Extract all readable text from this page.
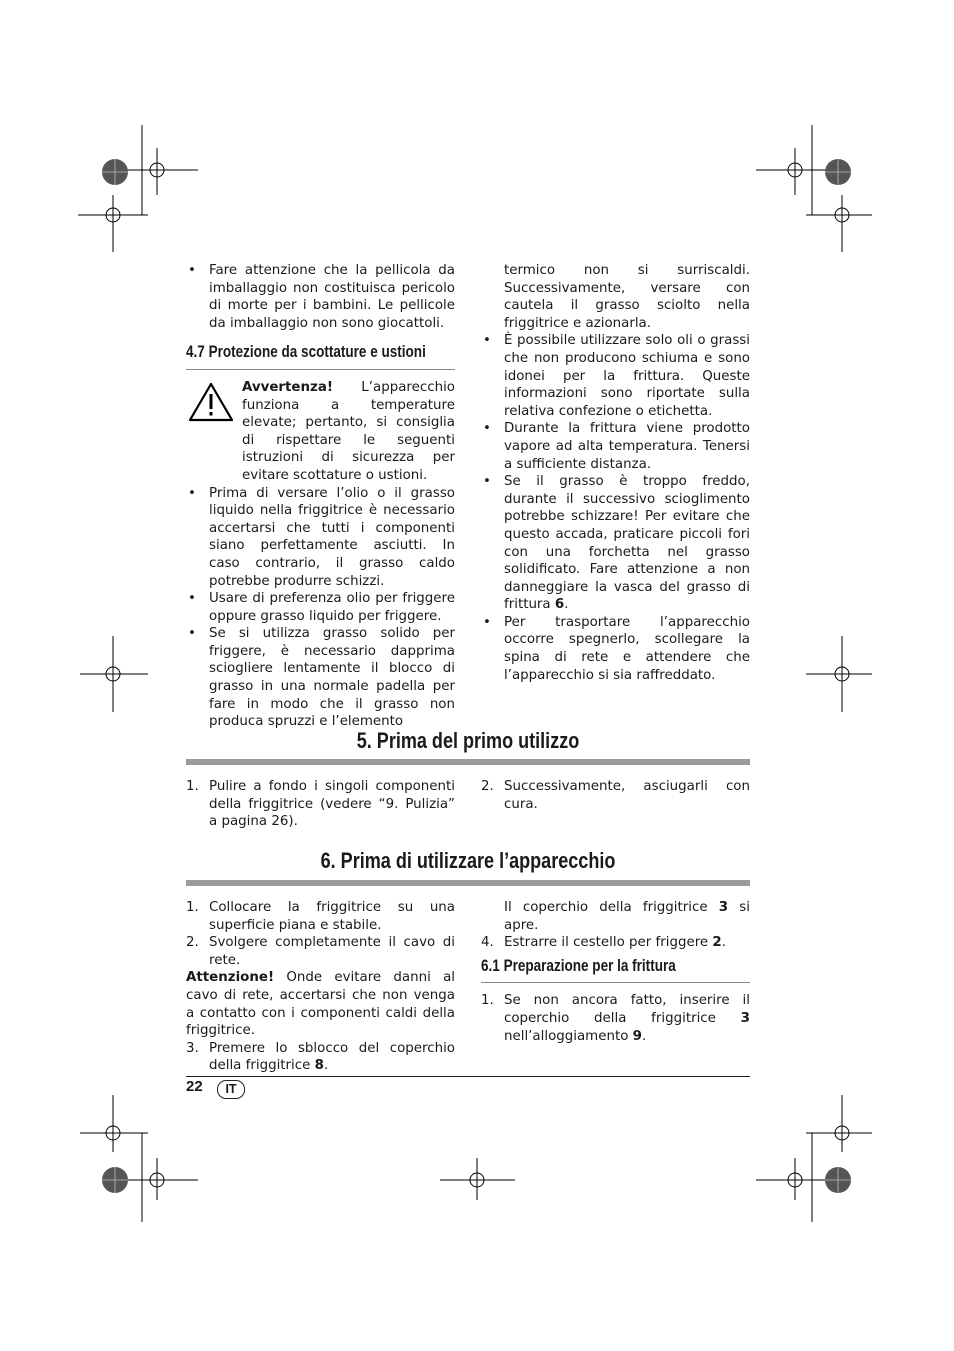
• Fare attenzione che la pellicola da imballaggio non costituisca pericolo di morte per i bambini. Le pellicole da imballaggio non sono giocattoli.

4.7 Protezione da scottature e ustioni

Avvertenza! L’apparecchio funziona a temperature elevate; pertanto, si consiglia di rispettare le seguenti istruzioni di sicurezza per evitare scottature o ustioni.

• Prima di versare l’olio o il grasso liquido nella friggitrice è necessario accertarsi che tutti i componenti siano perfettamente asciutti. In caso contrario, il grasso caldo potrebbe produrre schizzi.

• Usare di preferenza olio per friggere oppure grasso liquido per friggere.

• Se si utilizza grasso solido per friggere, è necessario dapprima sciogliere lentamente il blocco di grasso in una normale padella per fare in modo che il grasso non produca spruzzi e l’elemento

termico non si surriscaldi. Successivamente, versare con cautela il grasso sciolto nella friggitrice e azionarla.

• È possibile utilizzare solo oli o grassi che non producono schiuma e sono idonei per la frittura. Queste informazioni sono riportate sulla relativa confezione o etichetta.

• Durante la frittura viene prodotto vapore ad alta temperatura. Tenersi a sufficiente distanza.

• Se il grasso è troppo freddo, durante il successivo scioglimento potrebbe schizzare! Per evitare che questo accada, praticare piccoli fori con una forchetta nel grasso solidificato. Fare attenzione a non danneggiare la vasca del grasso di frittura 6.

• Per trasportare l’apparecchio occorre spegnerlo, scollegare la spina di rete e attendere che l’apparecchio si sia raffreddato.

5. Prima del primo utilizzo

1. Pulire a fondo i singoli componenti della friggitrice (vedere “9. Pulizia” a pagina 26).

2. Successivamente, asciugarli con cura.

6. Prima di utilizzare l’apparecchio

1. Collocare la friggitrice su una superficie piana e stabile.

2. Svolgere completamente il cavo di rete.

Attenzione! Onde evitare danni al cavo di rete, accertarsi che non venga a contatto con i componenti caldi della friggitrice.

3. Premere lo sblocco del coperchio della friggitrice 8.

Il coperchio della friggitrice 3 si apre.

4. Estrarre il cestello per friggere 2.

6.1 Preparazione per la frittura

1. Se non ancora fatto, inserire il coperchio della friggitrice 3 nell’alloggiamento 9.

22	IT
